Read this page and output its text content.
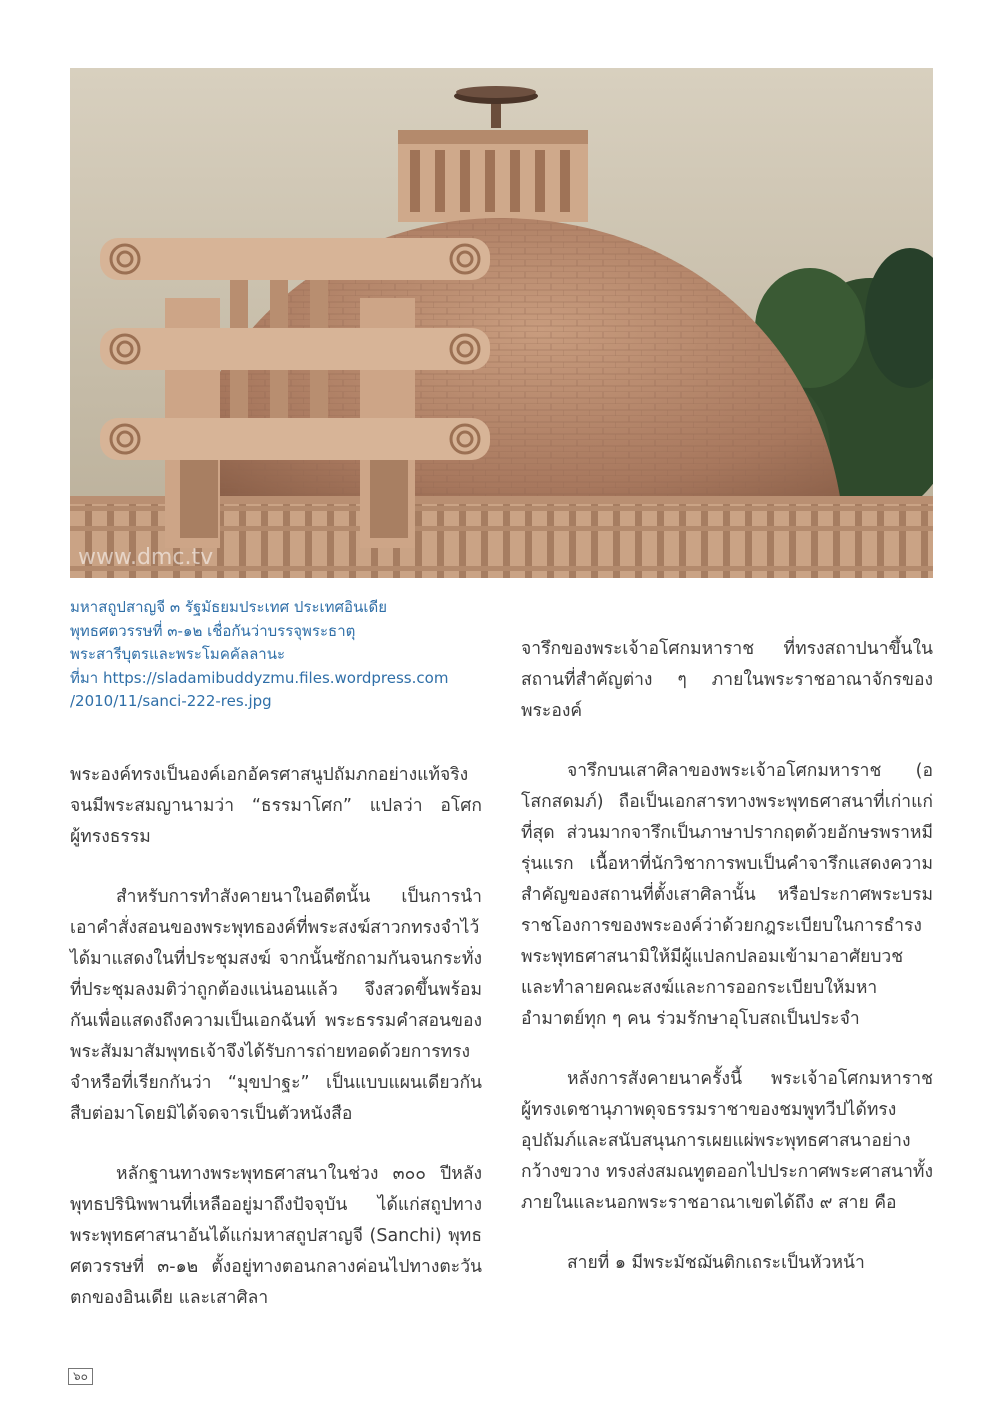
www.dmc.tv
มหาสถูปสาญจี ๓ รัฐมัธยมประเทศ ประเทศอินเดีย
พุทธศตวรรษที่ ๓-๑๒ เชื่อกันว่าบรรจุพระธาตุ
พระสารีบุตรและพระโมคคัลลานะ
ที่มา https://sladamibuddyzmu.files.wordpress.com
/2010/11/sanci-222-res.jpg

พระองค์ทรงเป็นองค์เอกอัครศาสนูปถัมภกอย่างแท้จริงจนมีพระสมญานามว่า “ธรรมาโศก” แปลว่า อโศกผู้ทรงธรรม

สำหรับการทำสังคายนาในอดีตนั้น เป็นการนำเอาคำสั่งสอนของพระพุทธองค์ที่พระสงฆ์สาวกทรงจำไว้ได้มาแสดงในที่ประชุมสงฆ์ จากนั้นซักถามกันจนกระทั่งที่ประชุมลงมติว่าถูกต้องแน่นอนแล้ว จึงสวดขึ้นพร้อมกันเพื่อแสดงถึงความเป็นเอกฉันท์ พระธรรมคำสอนของพระสัมมาสัมพุทธเจ้าจึงได้รับการถ่ายทอดด้วยการทรงจำหรือที่เรียกกันว่า “มุขปาฐะ” เป็นแบบแผนเดียวกันสืบต่อมาโดยมิได้จดจารเป็นตัวหนังสือ

หลักฐานทางพระพุทธศาสนาในช่วง ๓๐๐ ปีหลังพุทธปรินิพพานที่เหลืออยู่มาถึงปัจจุบัน ได้แก่สถูปทางพระพุทธศาสนาอันได้แก่มหาสถูปสาญจี (Sanchi) พุทธศตวรรษที่ ๓-๑๒ ตั้งอยู่ทางตอนกลางค่อนไปทางตะวันตกของอินเดีย และเสาศิลา

จารึกของพระเจ้าอโศกมหาราช ที่ทรงสถาปนาขึ้นในสถานที่สำคัญต่าง ๆ ภายในพระราชอาณาจักรของพระองค์

จารึกบนเสาศิลาของพระเจ้าอโศกมหาราช (อโสกสดมภ์) ถือเป็นเอกสารทางพระพุทธศาสนาที่เก่าแก่ที่สุด ส่วนมากจารึกเป็นภาษาปรากฤตด้วยอักษรพราหมีรุ่นแรก เนื้อหาที่นักวิชาการพบเป็นคำจารึกแสดงความสำคัญของสถานที่ตั้งเสาศิลานั้น หรือประกาศพระบรมราชโองการของพระองค์ว่าด้วยกฎระเบียบในการธำรงพระพุทธศาสนามิให้มีผู้แปลกปลอมเข้ามาอาศัยบวชและทำลายคณะสงฆ์และการออกระเบียบให้มหาอำมาตย์ทุก ๆ คน ร่วมรักษาอุโบสถเป็นประจำ

หลังการสังคายนาครั้งนี้ พระเจ้าอโศกมหาราชผู้ทรงเดชานุภาพดุจธรรมราชาของชมพูทวีปได้ทรงอุปถัมภ์และสนับสนุนการเผยแผ่พระพุทธศาสนาอย่างกว้างขวาง ทรงส่งสมณทูตออกไปประกาศพระศาสนาทั้งภายในและนอกพระราชอาณาเขตได้ถึง ๙ สาย คือ

สายที่ ๑ มีพระมัชฌันติกเถระเป็นหัวหน้า

๖๐
